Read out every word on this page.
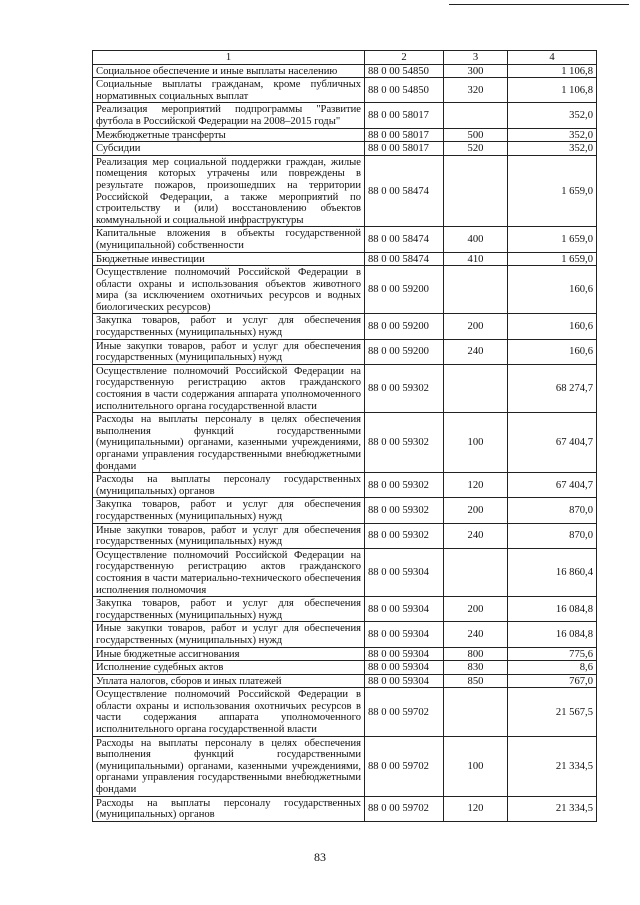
1	2	3	4
Социальное обеспечение и иные выплаты населению	88 0 00 54850	300	1 106,8
Социальные выплаты гражданам, кроме публичных нормативных социальных выплат	88 0 00 54850	320	1 106,8
Реализация мероприятий подпрограммы "Развитие футбола в Российской Федерации на 2008–2015 годы"	88 0 00 58017		352,0
Межбюджетные трансферты	88 0 00 58017	500	352,0
Субсидии	88 0 00 58017	520	352,0
Реализация мер социальной поддержки граждан, жилые помещения которых утрачены или повреждены в результате пожаров, произошедших на территории Российской Федерации, а также мероприятий по строительству и (или) восстановлению объектов коммунальной и социальной инфраструктуры	88 0 00 58474		1 659,0
Капитальные вложения в объекты государственной (муниципальной) собственности	88 0 00 58474	400	1 659,0
Бюджетные инвестиции	88 0 00 58474	410	1 659,0
Осуществление полномочий Российской Федерации в области охраны и использования объектов животного мира (за исключением охотничьих ресурсов и водных биологических ресурсов)	88 0 00 59200		160,6
Закупка товаров, работ и услуг для обеспечения государственных (муниципальных) нужд	88 0 00 59200	200	160,6
Иные закупки товаров, работ и услуг для обеспечения государственных (муниципальных) нужд	88 0 00 59200	240	160,6
Осуществление полномочий Российской Федерации на государственную регистрацию актов гражданского состояния в части содержания аппарата уполномоченного исполнительного органа государственной власти	88 0 00 59302		68 274,7
Расходы на выплаты персоналу в целях обеспечения выполнения функций государственными (муниципальными) органами, казенными учреждениями, органами управления государственными внебюджетными фондами	88 0 00 59302	100	67 404,7
Расходы на выплаты персоналу государственных (муниципальных) органов	88 0 00 59302	120	67 404,7
Закупка товаров, работ и услуг для обеспечения государственных (муниципальных) нужд	88 0 00 59302	200	870,0
Иные закупки товаров, работ и услуг для обеспечения государственных (муниципальных) нужд	88 0 00 59302	240	870,0
Осуществление полномочий Российской Федерации на государственную регистрацию актов гражданского состояния в части материально-технического обеспечения исполнения полномочия	88 0 00 59304		16 860,4
Закупка товаров, работ и услуг для обеспечения государственных (муниципальных) нужд	88 0 00 59304	200	16 084,8
Иные закупки товаров, работ и услуг для обеспечения государственных (муниципальных) нужд	88 0 00 59304	240	16 084,8
Иные бюджетные ассигнования	88 0 00 59304	800	775,6
Исполнение судебных актов	88 0 00 59304	830	8,6
Уплата налогов, сборов и иных платежей	88 0 00 59304	850	767,0
Осуществление полномочий Российской Федерации в области охраны и использования охотничьих ресурсов в части содержания аппарата уполномоченного исполнительного органа государственной власти	88 0 00 59702		21 567,5
Расходы на выплаты персоналу в целях обеспечения выполнения функций государственными (муниципальными) органами, казенными учреждениями, органами управления государственными внебюджетными фондами	88 0 00 59702	100	21 334,5
Расходы на выплаты персоналу государственных (муниципальных) органов	88 0 00 59702	120	21 334,5
83
